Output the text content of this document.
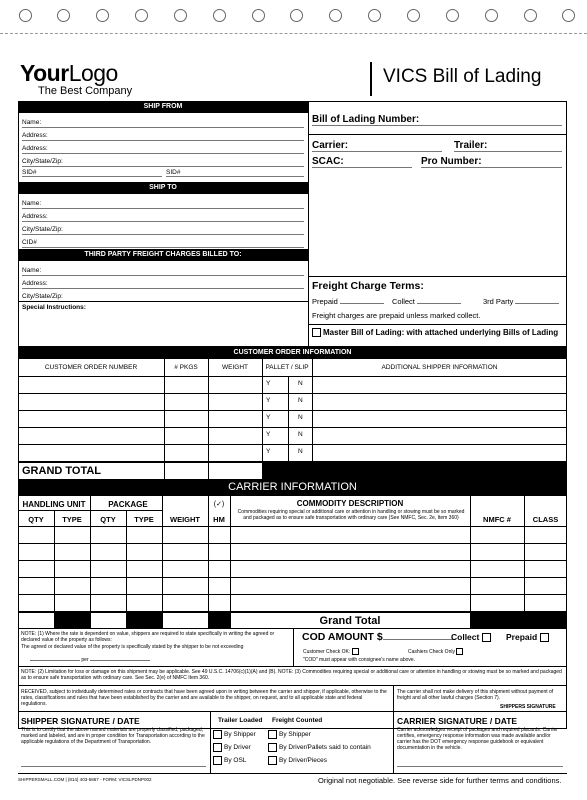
YourLogo
The Best Company
VICS Bill of Lading
SHIP FROM
Name:
Address:
Address:
City/State/Zip:
SID#	SID#
SHIP TO
Name:
Address:
City/State/Zip:
CID#
THIRD PARTY FREIGHT CHARGES BILLED TO:
Name:
Address:
City/State/Zip:
Special Instructions:
Bill of Lading Number:
Carrier:	Trailer:
SCAC:	Pro Number:
Freight Charge Terms:
Prepaid	Collect	3rd Party
Freight charges are prepaid unless marked collect.
Master Bill of Lading: with attached underlying Bills of Lading
CUSTOMER ORDER INFORMATION
CUSTOMER ORDER NUMBER	# PKGS	WEIGHT	PALLET / SLIP	ADDITIONAL SHIPPER INFORMATION
Y	N
Y	N
Y	N
Y	N
Y	N
GRAND TOTAL
CARRIER INFORMATION
HANDLING UNIT	PACKAGE	(✓)	COMMODITY DESCRIPTION
Commodities requiring special or additional care or attention in handling or stowing must be so marked and packaged as to ensure safe transportation with ordinary care (See NMFC, Sec. 2e, Item 360)
QTY	TYPE	QTY	TYPE	WEIGHT	HM	NMFC #	CLASS
Grand Total
NOTE: (1) Where the rate is dependent on value, shippers are required to state specifically in writing the agreed or declared value of the property as follows:
The agreed or declared value of the property is specifically stated by the shipper to be not exceeding
per
COD AMOUNT $	Collect	Prepaid
Customer Check OK:	Cashiers Check Only
"COD" must appear with consignee's name above.
NOTE: (2) Limitation for loss or damage on this shipment may be applicable. See 49 U.S.C. 14706(c)(1)(A) and (B). NOTE: (3) Commodities requiring special or additional care or attention in handling or stowing must be so marked and packaged as to ensure safe transportation with ordinary care. See Sec. 2(e) of NMFC Item 360.
RECEIVED, subject to individually determined rates or contracts that have been agreed upon in writing between the carrier and shipper, if applicable, otherwise to the rates, classifications and rules that have been established by the carrier and are available to the shipper, on request, and to all applicable state and federal regulations.
The carrier shall not make delivery of this shipment without payment of freight and all other lawful charges (Section 7).
SHIPPERS SIGNATURE
SHIPPER SIGNATURE / DATE
This is to certify that the above named materials are properly classified, packaged, marked and labeled, and are in proper condition for Transportation according to the applicable regulations of the Department of Transportation.
Trailer Loaded
By Shipper
By Driver
By OSL
Freight Counted
By Shipper
By Driver/Pallets said to contain
By Driver/Pieces
CARRIER SIGNATURE / DATE
Carrier acknowledges receipt of packages and required placards. Carrier certifies, emergency response information was made available and/or carrier has the DOT emergency response guidebook or equivalent documentation in the vehicle.
SHIPPERSMALL.COM | (814) 403-5867 - FORM: VICSLPDNP002	Original not negotiable. See reverse side for further terms and conditions.
